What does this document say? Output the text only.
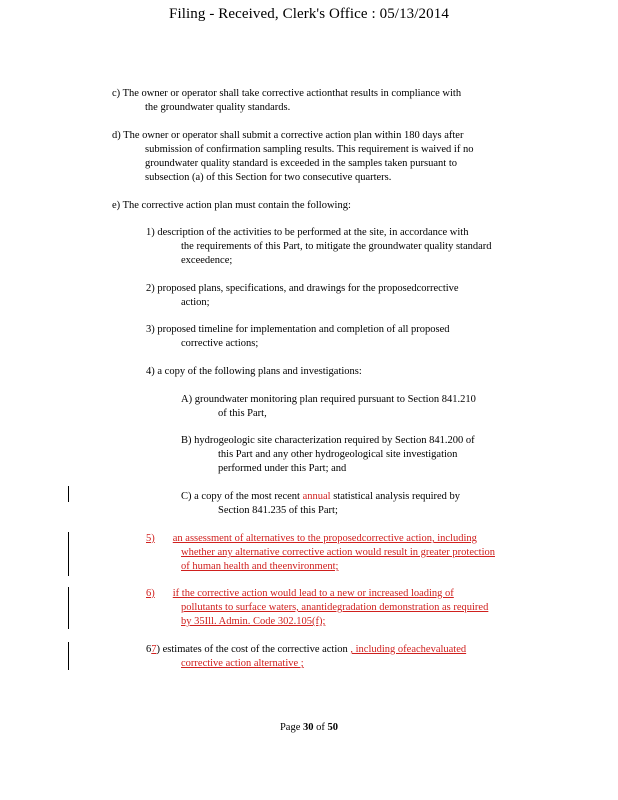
Filing - Received, Clerk's Office : 05/13/2014
c) The owner or operator shall take corrective actionthat results in compliance with
the groundwater quality standards.
d) The owner or operator shall submit a corrective action plan within 180 days after
submission of confirmation sampling results. This requirement is waived if no
groundwater quality standard is exceeded in the samples taken pursuant to
subsection (a) of this Section for two consecutive quarters.
e) The corrective action plan must contain the following:
1) description of the activities to be performed at the site, in accordance with
the requirements of this Part, to mitigate the groundwater quality standard
exceedence;
2) proposed plans, specifications, and drawings for the proposedcorrective
action;
3) proposed timeline for implementation and completion of all proposed
corrective actions;
4) a copy of the following plans and investigations:
A) groundwater monitoring plan required pursuant to Section 841.210
of this Part,
B) hydrogeologic site characterization required by Section 841.200 of
this Part and any other hydrogeological site investigation
performed under this Part; and
C) a copy of the most recent annual statistical analysis required by
Section 841.235 of this Part;
5) an assessment of alternatives to the proposedcorrective action, including
whether any alternative corrective action would result in greater protection
of human health and theenvironment;
6) if the corrective action would lead to a new or increased loading of
pollutants to surface waters, anantidegradation demonstration as required
by 35Ill. Admin. Code 302.105(f);
67) estimates of the cost of the corrective action , including ofeachevaluated
corrective action alternative ;
Page 30 of 50
